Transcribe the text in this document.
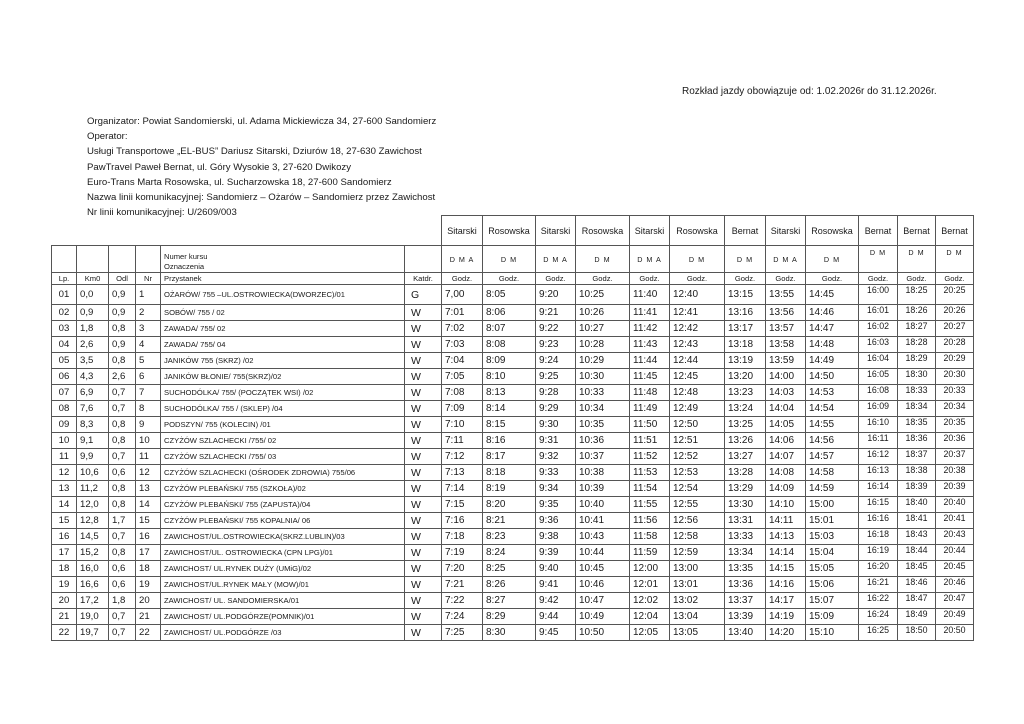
Rozkład jazdy obowiązuje od: 1.02.2026r do 31.12.2026r.
Organizator: Powiat Sandomierski, ul. Adama Mickiewicza 34, 27-600 Sandomierz
Operator:
Usługi Transportowe „EL-BUS” Dariusz Sitarski, Dziurów 18, 27-630 Zawichost
PawTravel Paweł Bernat, ul. Góry Wysokie 3, 27-620 Dwikozy
Euro-Trans Marta Rosowska, ul. Sucharzowska 18, 27-600 Sandomierz
Nazwa linii komunikacyjnej: Sandomierz – Ożarów – Sandomierz przez Zawichost
Nr linii komunikacyjnej: U/2609/003
						Sitarski	Rosowska	Sitarski	Rosowska	Sitarski	Rosowska	Bernat	Sitarski	Rosowska	Bernat	Bernat	Bernat

				Numer kursu
Oznaczenia		D M A	D M	D M A	D M	D M A	D M	D M	D M A	D M	D M	D M	D M
Lp.	Km0	Odl	Nr	Przystanek	Katdr.	Godz.	Godz.	Godz.	Godz.	Godz.	Godz.	Godz.	Godz.	Godz.	Godz.	Godz.	Godz.
01	0,0	0,9	1	OŻARÓW/ 755 –UL.OSTROWIECKA(DWORZEC)/01	G	7,00	8:05	9:20	10:25	11:40	12:40	13:15	13:55	14:45	16:00	18:25	20:25
02	0,9	0,9	2	SOBÓW/ 755 / 02	W	7:01	8:06	9:21	10:26	11:41	12:41	13:16	13:56	14:46	16:01	18:26	20:26
03	1,8	0,8	3	ZAWADA/ 755/ 02	W	7:02	8:07	9:22	10:27	11:42	12:42	13:17	13:57	14:47	16:02	18:27	20:27
04	2,6	0,9	4	ZAWADA/ 755/ 04	W	7:03	8:08	9:23	10:28	11:43	12:43	13:18	13:58	14:48	16:03	18:28	20:28
05	3,5	0,8	5	JANIKÓW 755 (SKRZ) /02	W	7:04	8:09	9:24	10:29	11:44	12:44	13:19	13:59	14:49	16:04	18:29	20:29
06	4,3	2,6	6	JANIKÓW BŁONIE/ 755(SKRZ)/02	W	7:05	8:10	9:25	10:30	11:45	12:45	13:20	14:00	14:50	16:05	18:30	20:30
07	6,9	0,7	7	SUCHODÓLKA/ 755/ (POCZĄTEK WSI) /02	W	7:08	8:13	9:28	10:33	11:48	12:48	13:23	14:03	14:53	16:08	18:33	20:33
08	7,6	0,7	8	SUCHODÓLKA/ 755 / (SKLEP) /04	W	7:09	8:14	9:29	10:34	11:49	12:49	13:24	14:04	14:54	16:09	18:34	20:34
09	8,3	0,8	9	PODSZYN/ 755 (KOLECIN) /01	W	7:10	8:15	9:30	10:35	11:50	12:50	13:25	14:05	14:55	16:10	18:35	20:35
10	9,1	0,8	10	CZYŻÓW SZLACHECKI /755/ 02	W	7:11	8:16	9:31	10:36	11:51	12:51	13:26	14:06	14:56	16:11	18:36	20:36
11	9,9	0,7	11	CZYŻÓW SZLACHECKI /755/ 03	W	7:12	8:17	9:32	10:37	11:52	12:52	13:27	14:07	14:57	16:12	18:37	20:37
12	10,6	0,6	12	CZYŻÓW SZLACHECKI (OŚRODEK ZDROWIA) 755/06	W	7:13	8:18	9:33	10:38	11:53	12:53	13:28	14:08	14:58	16:13	18:38	20:38
13	11,2	0,8	13	CZYŻÓW PLEBAŃSKI/ 755 (SZKOŁA)/02	W	7:14	8:19	9:34	10:39	11:54	12:54	13:29	14:09	14:59	16:14	18:39	20:39
14	12,0	0,8	14	CZYŻÓW PLEBAŃSKI/ 755 (ZAPUSTA)/04	W	7:15	8:20	9:35	10:40	11:55	12:55	13:30	14:10	15:00	16:15	18:40	20:40
15	12,8	1,7	15	CZYŻÓW PLEBAŃSKI/ 755 KOPALNIA/ 06	W	7:16	8:21	9:36	10:41	11:56	12:56	13:31	14:11	15:01	16:16	18:41	20:41
16	14,5	0,7	16	ZAWICHOST/UL.OSTROWIECKA(SKRZ.LUBLIN)/03	W	7:18	8:23	9:38	10:43	11:58	12:58	13:33	14:13	15:03	16:18	18:43	20:43
17	15,2	0,8	17	ZAWICHOST/UL. OSTROWIECKA (CPN LPG)/01	W	7:19	8:24	9:39	10:44	11:59	12:59	13:34	14:14	15:04	16:19	18:44	20:44
18	16,0	0,6	18	ZAWICHOST/ UL.RYNEK DUŻY (UMiG)/02	W	7:20	8:25	9:40	10:45	12:00	13:00	13:35	14:15	15:05	16:20	18:45	20:45
19	16,6	0,6	19	ZAWICHOST/UL.RYNEK MAŁY (MOW)/01	W	7:21	8:26	9:41	10:46	12:01	13:01	13:36	14:16	15:06	16:21	18:46	20:46
20	17,2	1,8	20	ZAWICHOST/ UL. SANDOMIERSKA/01	W	7:22	8:27	9:42	10:47	12:02	13:02	13:37	14:17	15:07	16:22	18:47	20:47
21	19,0	0,7	21	ZAWICHOST/ UL.PODGÓRZE(POMNIK)/01	W	7:24	8:29	9:44	10:49	12:04	13:04	13:39	14:19	15:09	16:24	18:49	20:49
22	19,7	0,7	22	ZAWICHOST/ UL.PODGÓRZE /03	W	7:25	8:30	9:45	10:50	12:05	13:05	13:40	14:20	15:10	16:25	18:50	20:50
